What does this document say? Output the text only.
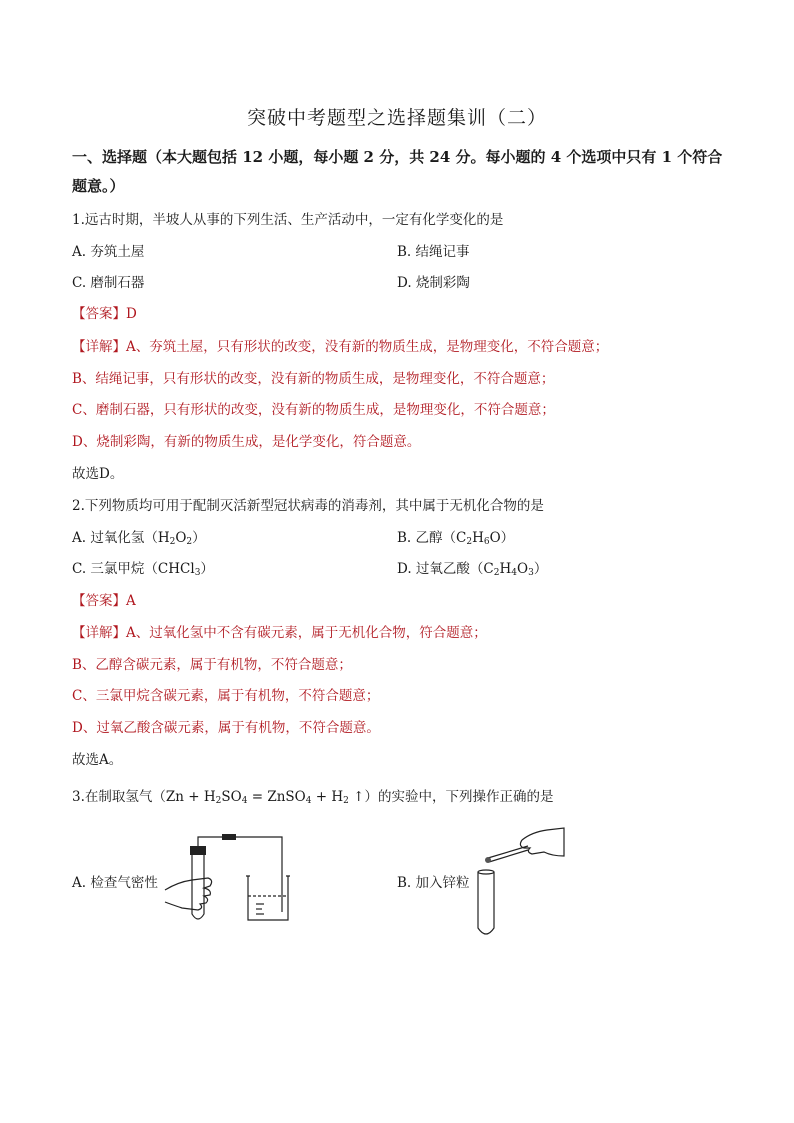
突破中考题型之选择题集训（二）
一、选择题（本大题包括 12 小题，每小题 2 分，共 24 分。每小题的 4 个选项中只有 1 个符合题意。）
1.远古时期，半坡人从事的下列生活、生产活动中，一定有化学变化的是
A. 夯筑土屋	B. 结绳记事
C. 磨制石器	D. 烧制彩陶
【答案】D
【详解】A、夯筑土屋，只有形状的改变，没有新的物质生成，是物理变化，不符合题意；
B、结绳记事，只有形状的改变，没有新的物质生成，是物理变化，不符合题意；
C、磨制石器，只有形状的改变，没有新的物质生成，是物理变化，不符合题意；
D、烧制彩陶，有新的物质生成，是化学变化，符合题意。
故选D。
2.下列物质均可用于配制灭活新型冠状病毒的消毒剂，其中属于无机化合物的是
A. 过氧化氢$(H_2O_2)$	B. 乙醇$(C_2H_6O)$
C. 三氯甲烷（CHCl$_3$）	D. 过氧乙酸$(C_2H_4O_3)$
【答案】A
【详解】A、过氧化氢中不含有碳元素，属于无机化合物，符合题意；
B、乙醇含碳元素，属于有机物，不符合题意；
C、三氯甲烷含碳元素，属于有机物，不符合题意；
D、过氧乙酸含碳元素，属于有机物，不符合题意。
故选A。
3.在制取氢气（$Zn + H_2SO_4$ = ZnSO$_4$ + $H_2$ ↑）的实验中，下列操作正确的是
A. 检查气密性	B. 加入锌粒
